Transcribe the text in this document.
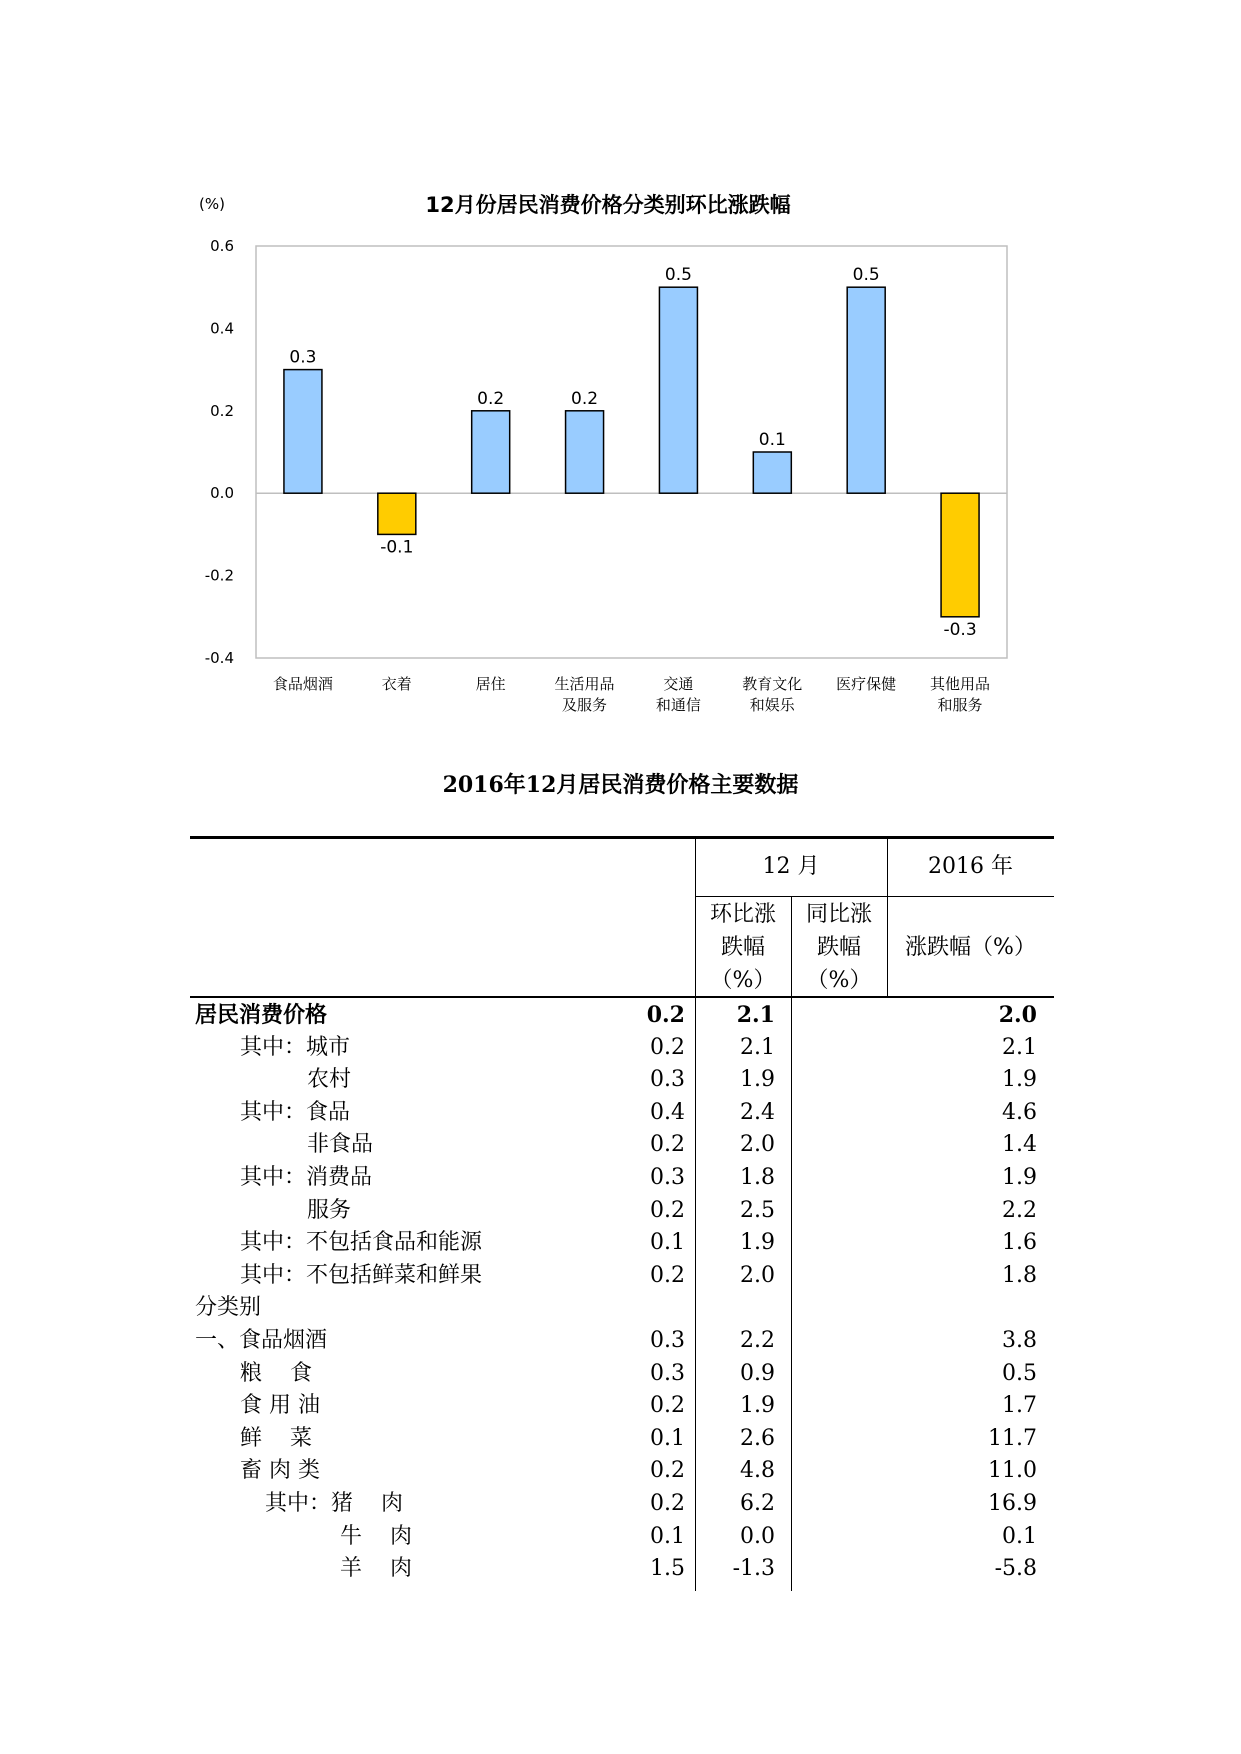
(%)	12月份居民消费价格分类别环比涨跌幅
0.6
0.4
0.2
0.0
-0.2
-0.4
0.3
-0.1
0.2	0.2
0.5
0.1
0.5
-0.3
食品烟酒	衣着	居住	生活用品
及服务
交通
和通信
教育文化
和娱乐
医疗保健 其他用品
和服务
2016年12月居民消费价格主要数据
12 月	2016 年
环比涨
跌幅
（%）
同比涨
跌幅
（%）
涨跌幅（%）
居民消费价格	0.2	2.1	2.0
其中：城市	0.2	2.1	2.1
农村	0.3	1.9	1.9
其中：食品	0.4	2.4	4.6
非食品	0.2	2.0	1.4
其中：消费品	0.3	1.8	1.9
服务	0.2	2.5	2.2
其中：不包括食品和能源	0.1	1.9	1.6
其中：不包括鲜菜和鲜果	0.2	2.0	1.8
分类别
一、食品烟酒	0.3	2.2	3.8
粮    食	0.3	0.9	0.5
食 用 油	0.2	1.9	1.7
鲜    菜	0.1	2.6	11.7
畜 肉 类	0.2	4.8	11.0
其中：猪    肉	0.2	6.2	16.9
牛    肉	0.1	0.0	0.1
羊    肉	1.5	-1.3	-5.8
